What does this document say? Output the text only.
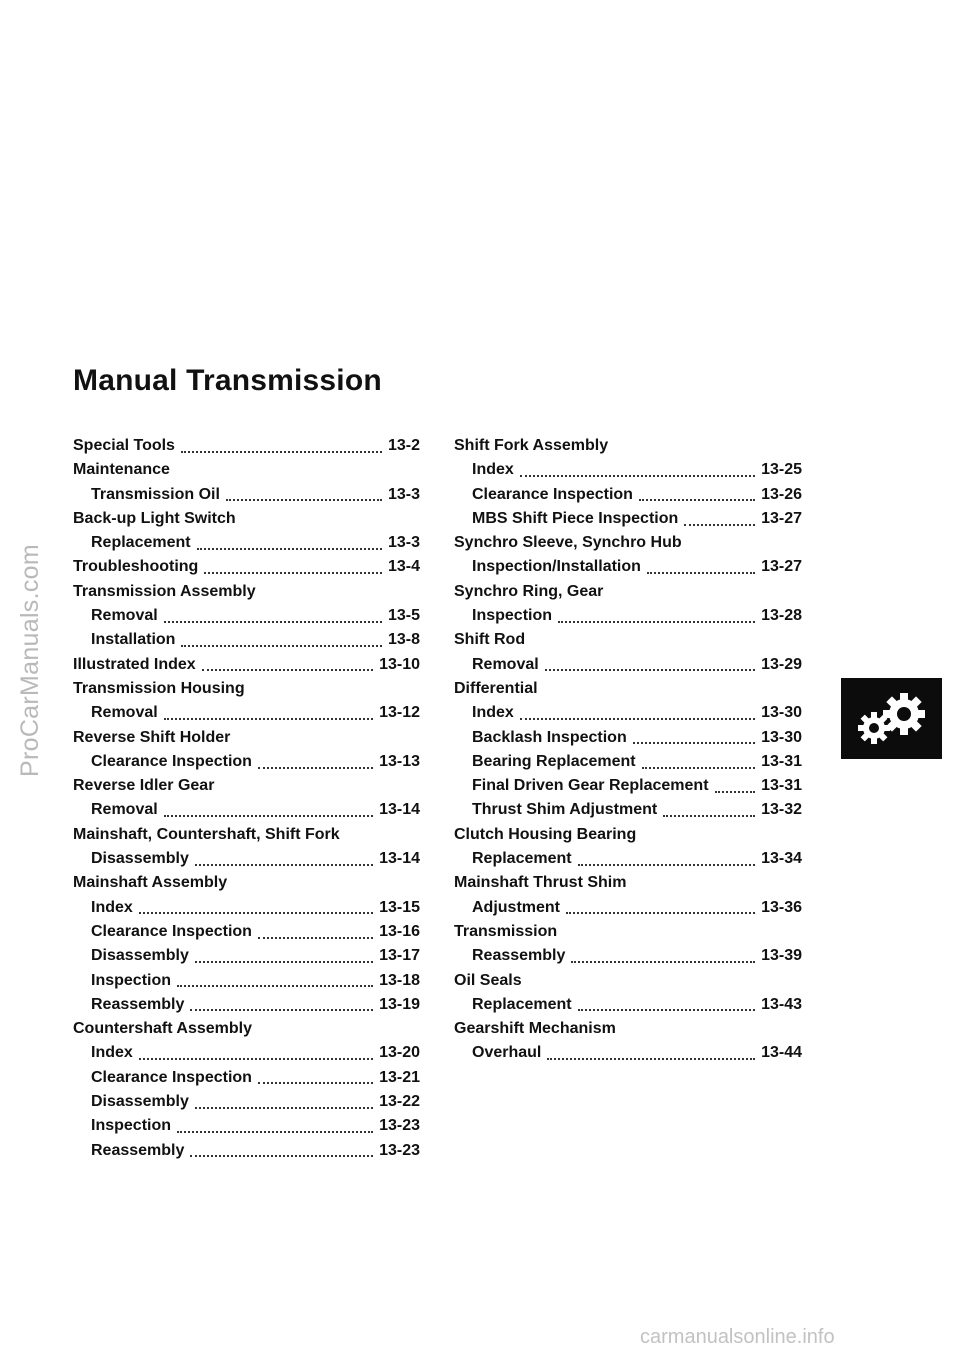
ProCarManuals.com
Manual Transmission
Special Tools	13-2
Maintenance
Transmission Oil	13-3
Back-up Light Switch
Replacement	13-3
Troubleshooting	13-4
Transmission Assembly
Removal	13-5
Installation	13-8
Illustrated Index	13-10
Transmission Housing
Removal	13-12
Reverse Shift Holder
Clearance Inspection	13-13
Reverse Idler Gear
Removal	13-14
Mainshaft, Countershaft, Shift Fork
Disassembly	13-14
Mainshaft Assembly
Index	13-15
Clearance Inspection	13-16
Disassembly	13-17
Inspection	13-18
Reassembly	13-19
Countershaft Assembly
Index	13-20
Clearance Inspection	13-21
Disassembly	13-22
Inspection	13-23
Reassembly	13-23
Shift Fork Assembly
Index	13-25
Clearance Inspection	13-26
MBS Shift Piece Inspection	13-27
Synchro Sleeve, Synchro Hub
Inspection/Installation	13-27
Synchro Ring, Gear
Inspection	13-28
Shift Rod
Removal	13-29
Differential
Index	13-30
Backlash Inspection	13-30
Bearing Replacement	13-31
Final Driven Gear Replacement	13-31
Thrust Shim Adjustment	13-32
Clutch Housing Bearing
Replacement	13-34
Mainshaft Thrust Shim
Adjustment	13-36
Transmission
Reassembly	13-39
Oil Seals
Replacement	13-43
Gearshift Mechanism
Overhaul	13-44
carmanualsonline.info
